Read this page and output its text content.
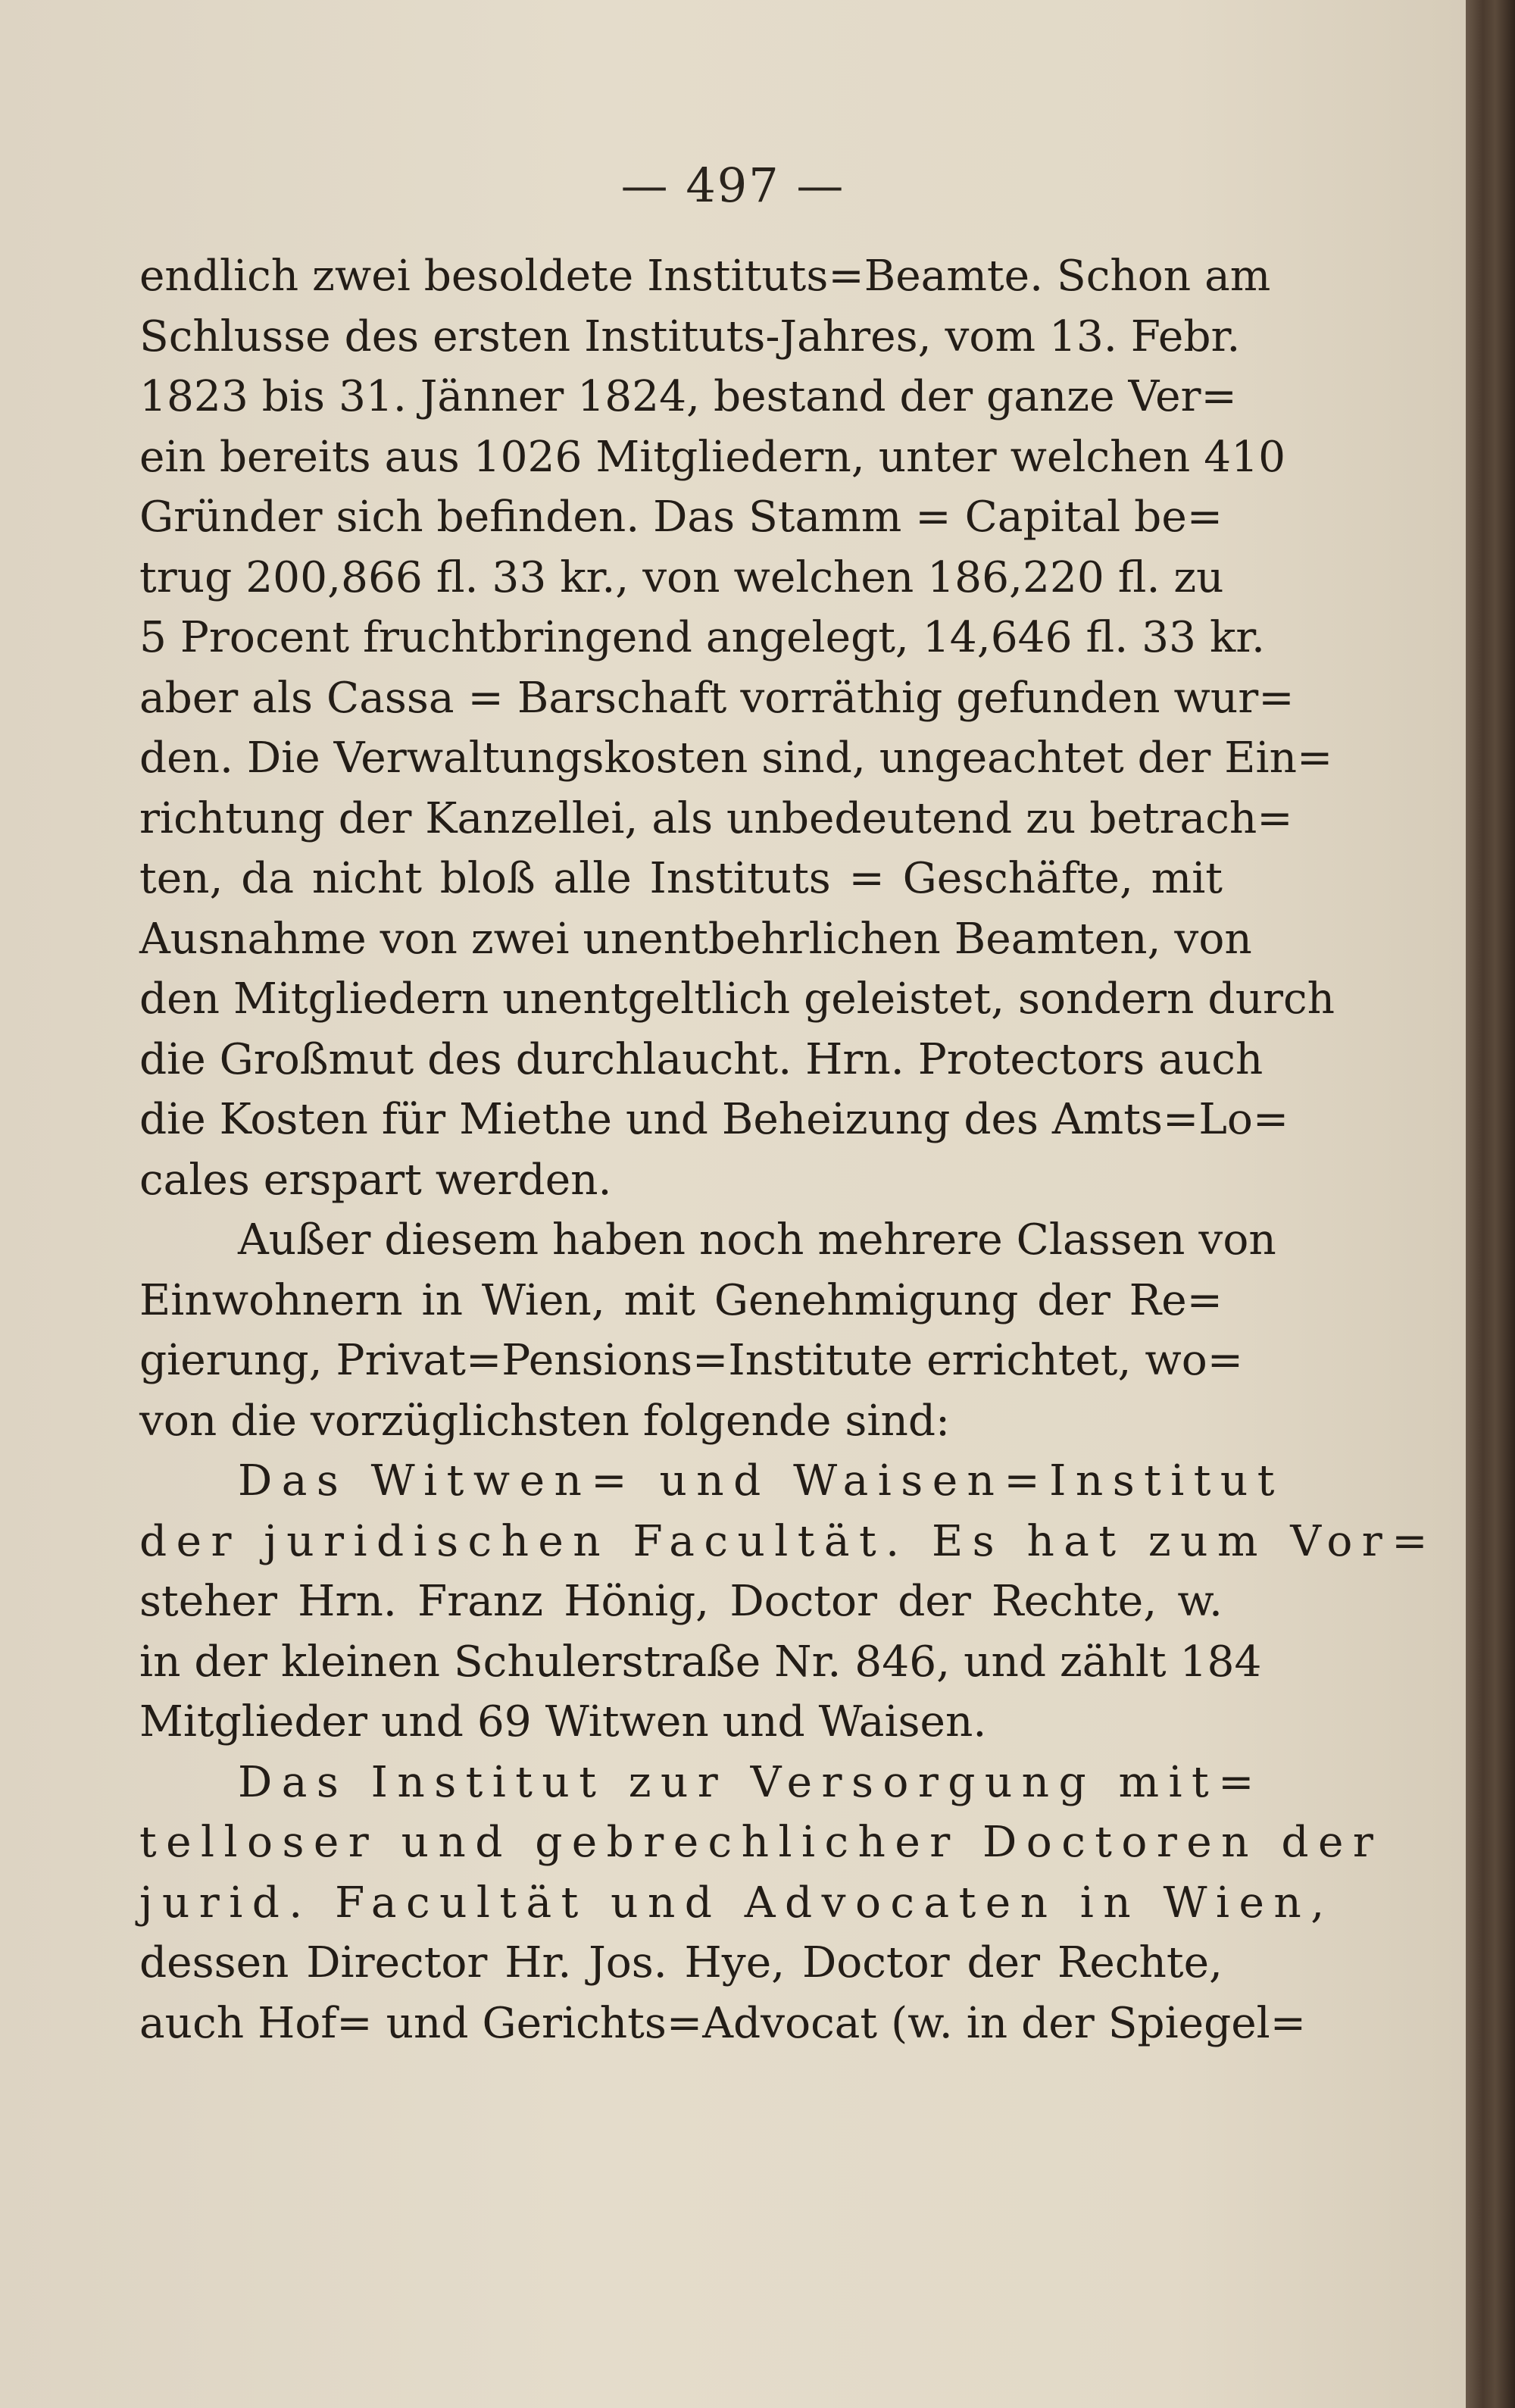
— 497 —
endlich zwei besoldete Instituts=Beamte. Schon am
Schlusse des ersten Instituts-Jahres, vom 13. Febr.
1823 bis 31. Jänner 1824, bestand der ganze Ver=
ein bereits aus 1026 Mitgliedern, unter welchen 410
Gründer sich befinden. Das Stamm = Capital be=
trug 200,866 fl. 33 kr., von welchen 186,220 fl. zu
5 Procent fruchtbringend angelegt, 14,646 fl. 33 kr.
aber als Cassa = Barschaft vorräthig gefunden wur=
den. Die Verwaltungskosten sind, ungeachtet der Ein=
richtung der Kanzellei, als unbedeutend zu betrach=
ten, da nicht bloß alle Instituts = Geschäfte, mit
Ausnahme von zwei unentbehrlichen Beamten, von
den Mitgliedern unentgeltlich geleistet, sondern durch
die Großmut des durchlaucht. Hrn. Protectors auch
die Kosten für Miethe und Beheizung des Amts=Lo=
cales erspart werden.
Außer diesem haben noch mehrere Classen von
Einwohnern in Wien, mit Genehmigung der Re=
gierung, Privat=Pensions=Institute errichtet, wo=
von die vorzüglichsten folgende sind:
Das Witwen= und Waisen=Institut
der juridischen Facultät. Es hat zum Vor=
steher Hrn. Franz Hönig, Doctor der Rechte, w.
in der kleinen Schulerstraße Nr. 846, und zählt 184
Mitglieder und 69 Witwen und Waisen.
Das Institut zur Versorgung mit=
telloser und gebrechlicher Doctoren der
jurid. Facultät und Advocaten in Wien,
dessen Director Hr. Jos. Hye, Doctor der Rechte,
auch Hof= und Gerichts=Advocat (w. in der Spiegel=
